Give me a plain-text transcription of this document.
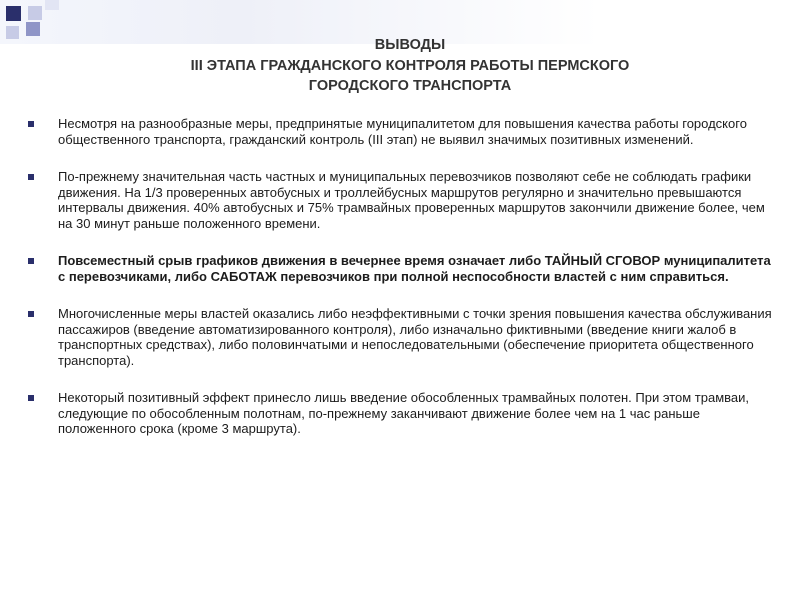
ВЫВОДЫ
III ЭТАПА ГРАЖДАНСКОГО КОНТРОЛЯ РАБОТЫ ПЕРМСКОГО
ГОРОДСКОГО ТРАНСПОРТА
Несмотря на разнообразные меры, предпринятые муниципалитетом для повышения качества работы городского общественного транспорта, гражданский контроль (III этап) не выявил значимых позитивных изменений.
По-прежнему значительная часть частных и муниципальных перевозчиков позволяют себе не соблюдать графики движения. На 1/3 проверенных автобусных и троллейбусных маршрутов регулярно и значительно превышаются интервалы движения. 40% автобусных и 75% трамвайных проверенных маршрутов закончили движение более, чем на 30 минут раньше положенного времени.
Повсеместный срыв графиков движения в вечернее время означает либо ТАЙНЫЙ СГОВОР муниципалитета с перевозчиками, либо САБОТАЖ перевозчиков при полной неспособности властей с ним справиться.
Многочисленные меры властей оказались либо неэффективными с точки зрения повышения качества обслуживания пассажиров (введение автоматизированного контроля), либо изначально фиктивными (введение книги жалоб в транспортных средствах), либо половинчатыми и непоследовательными (обеспечение приоритета общественного транспорта).
Некоторый позитивный эффект принесло лишь введение обособленных трамвайных полотен. При этом трамваи, следующие по обособленным полотнам, по-прежнему заканчивают движение более чем на 1 час раньше положенного срока (кроме 3 маршрута).
